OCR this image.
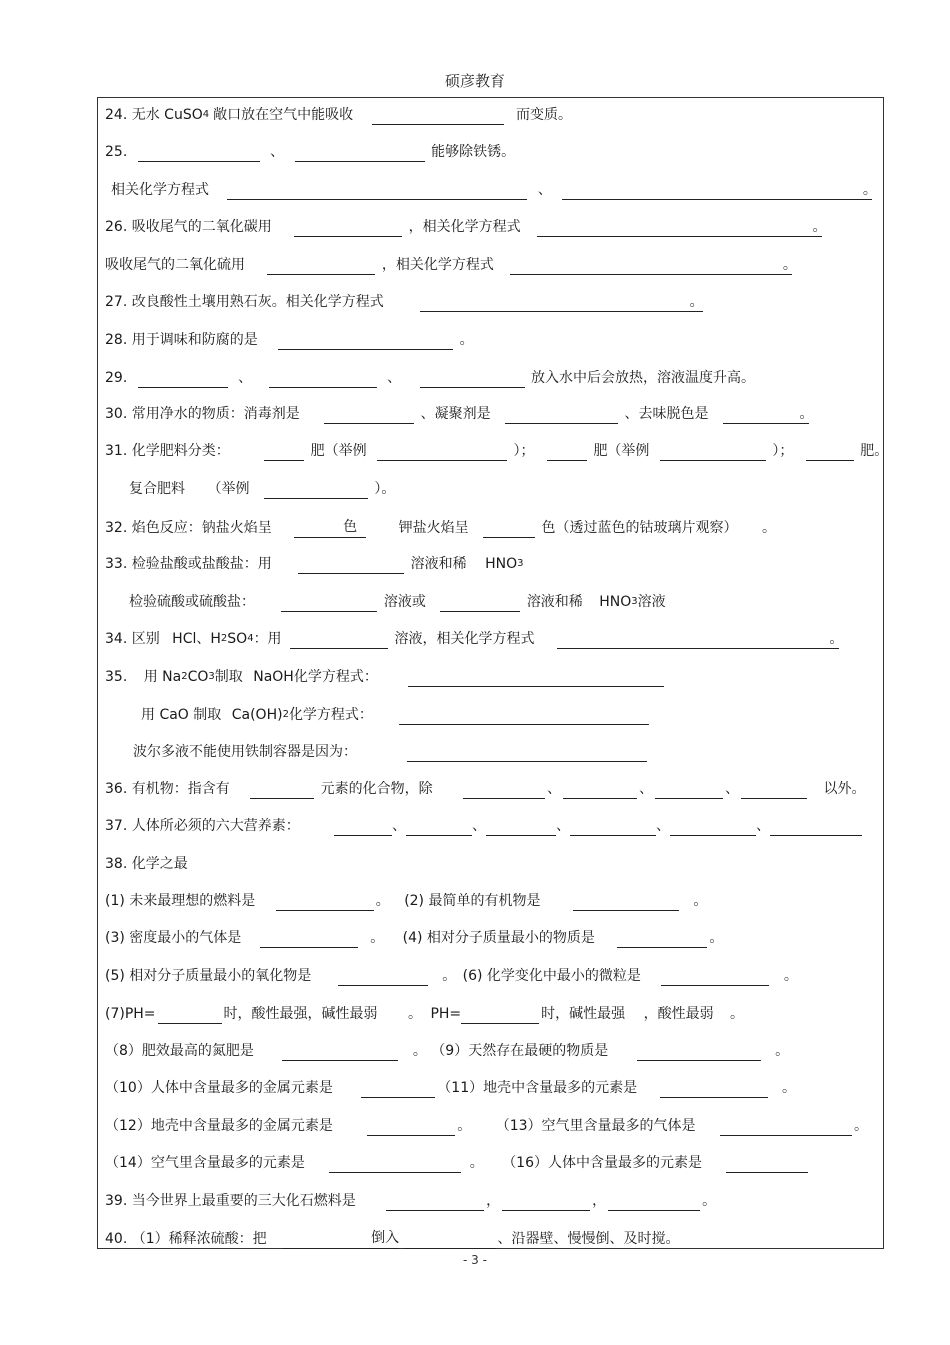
硕彦教育
24. 无水 CuSO4 敞口放在空气中能吸收	而变质。
25.	、	能够除铁锈。
相关化学方程式	、	。
26. 吸收尾气的二氧化碳用	，相关化学方程式	。
吸收尾气的二氧化硫用	，相关化学方程式	。
27. 改良酸性土壤用熟石灰。相关化学方程式	。
28. 用于调味和防腐的是	。
29.	、	、	放入水中后会放热，溶液温度升高。
30. 常用净水的物质：消毒剂是	、凝聚剂是	、去味脱色是	。
31. 化学肥料分类：	肥（举例	）；	肥（举例	）；	肥。
复合肥料 （举例	）。
32. 焰色反应：钠盐火焰呈	色	钾盐火焰呈	色（透过蓝色的钴玻璃片观察） 。
33. 检验盐酸或盐酸盐：用	溶液和稀 HNO3
检验硫酸或硫酸盐：	溶液或	溶液和稀 HNO3溶液
34. 区别 HCl、H2SO4：用	溶液，相关化学方程式	。
35. 用 Na2CO3制取 NaOH化学方程式：
用 CaO 制取 Ca(OH)2化学方程式：
波尔多液不能使用铁制容器是因为：
36. 有机物：指含有	元素的化合物，除	、	、	、	以外。
37. 人体所必须的六大营养素：	、	、	、	、	、
38. 化学之最
(1) 未来最理想的燃料是	。 (2) 最简单的有机物是	。
(3) 密度最小的气体是	。 (4) 相对分子质量最小的物质是	。
(5) 相对分子质量最小的氧化物是	。 (6) 化学变化中最小的微粒是	。
(7)PH=	时，酸性最强，碱性最弱 。 PH=	时，碱性最强 ，酸性最弱 。
（8）肥效最高的氮肥是	。 （9）天然存在最硬的物质是	。
（10）人体中含量最多的金属元素是	（11）地壳中含量最多的元素是	。
（12）地壳中含量最多的金属元素是	。 （13）空气里含量最多的气体是	。
（14）空气里含量最多的元素是	。 （16）人体中含量最多的元素是
39. 当今世界上最重要的三大化石燃料是	，	，	。
40. （1）稀释浓硫酸：把	倒入	、沿器壁、慢慢倒、及时搅。
- 3 -
